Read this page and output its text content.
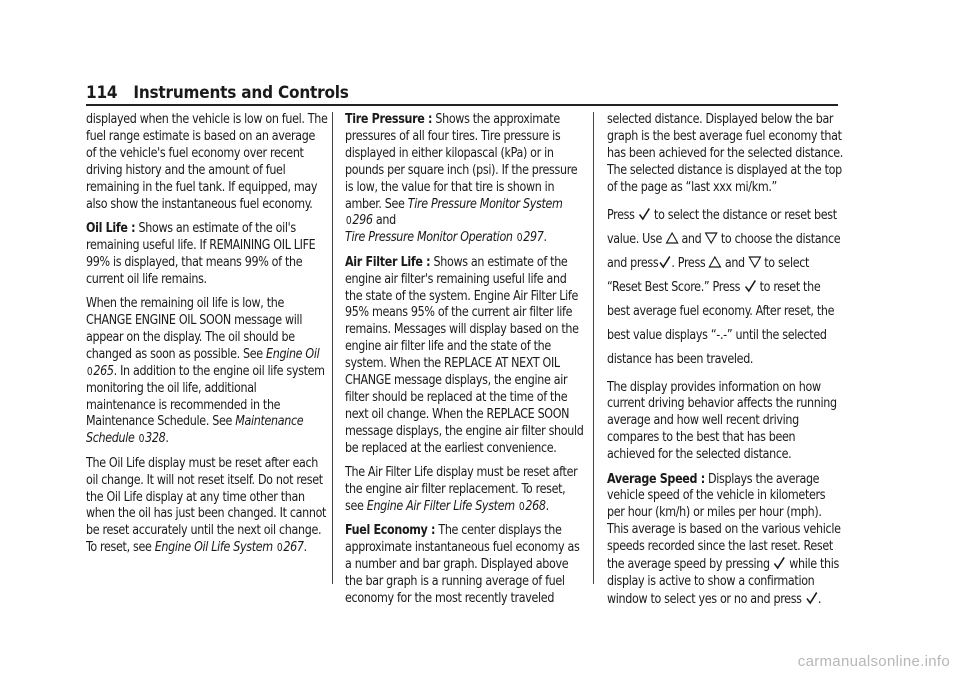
114 Instruments and Controls

displayed when the vehicle is low on fuel. The fuel range estimate is based on an average of the vehicle's fuel economy over recent driving history and the amount of fuel remaining in the fuel tank. If equipped, may also show the instantaneous fuel economy.

Oil Life : Shows an estimate of the oil's remaining useful life. If REMAINING OIL LIFE 99% is displayed, that means 99% of the current oil life remains.

When the remaining oil life is low, the CHANGE ENGINE OIL SOON message will appear on the display. The oil should be changed as soon as possible. See Engine Oil
0265. In addition to the engine oil life system monitoring the oil life, additional maintenance is recommended in the Maintenance Schedule. See Maintenance Schedule 0328.

The Oil Life display must be reset after each oil change. It will not reset itself. Do not reset the Oil Life display at any time other than when the oil has just been changed. It cannot be reset accurately until the next oil change. To reset, see Engine Oil Life System 0267.

Tire Pressure : Shows the approximate pressures of all four tires. Tire pressure is displayed in either kilopascal (kPa) or in pounds per square inch (psi). If the pressure is low, the value for that tire is shown in amber. See Tire Pressure Monitor System
0296 and
Tire Pressure Monitor Operation 0297.

Air Filter Life : Shows an estimate of the engine air filter's remaining useful life and the state of the system. Engine Air Filter Life 95% means 95% of the current air filter life remains. Messages will display based on the engine air filter life and the state of the system. When the REPLACE AT NEXT OIL CHANGE message displays, the engine air filter should be replaced at the time of the next oil change. When the REPLACE SOON message displays, the engine air filter should be replaced at the earliest convenience.

The Air Filter Life display must be reset after the engine air filter replacement. To reset, see Engine Air Filter Life System 0268.

Fuel Economy : The center displays the approximate instantaneous fuel economy as a number and bar graph. Displayed above the bar graph is a running average of fuel economy for the most recently traveled

selected distance. Displayed below the bar graph is the best average fuel economy that has been achieved for the selected distance. The selected distance is displayed at the top of the page as “last xxx mi/km.”

Press to select the distance or reset best value. Use and to choose the distance and press . Press and to select “Reset Best Score.” Press to reset the best average fuel economy. After reset, the best value displays “-.-” until the selected distance has been traveled.

The display provides information on how current driving behavior affects the running average and how well recent driving compares to the best that has been achieved for the selected distance.

Average Speed : Displays the average vehicle speed of the vehicle in kilometers per hour (km/h) or miles per hour (mph). This average is based on the various vehicle speeds recorded since the last reset. Reset the average speed by pressing while this display is active to show a confirmation window to select yes or no and press .

carmanualsonline.info
